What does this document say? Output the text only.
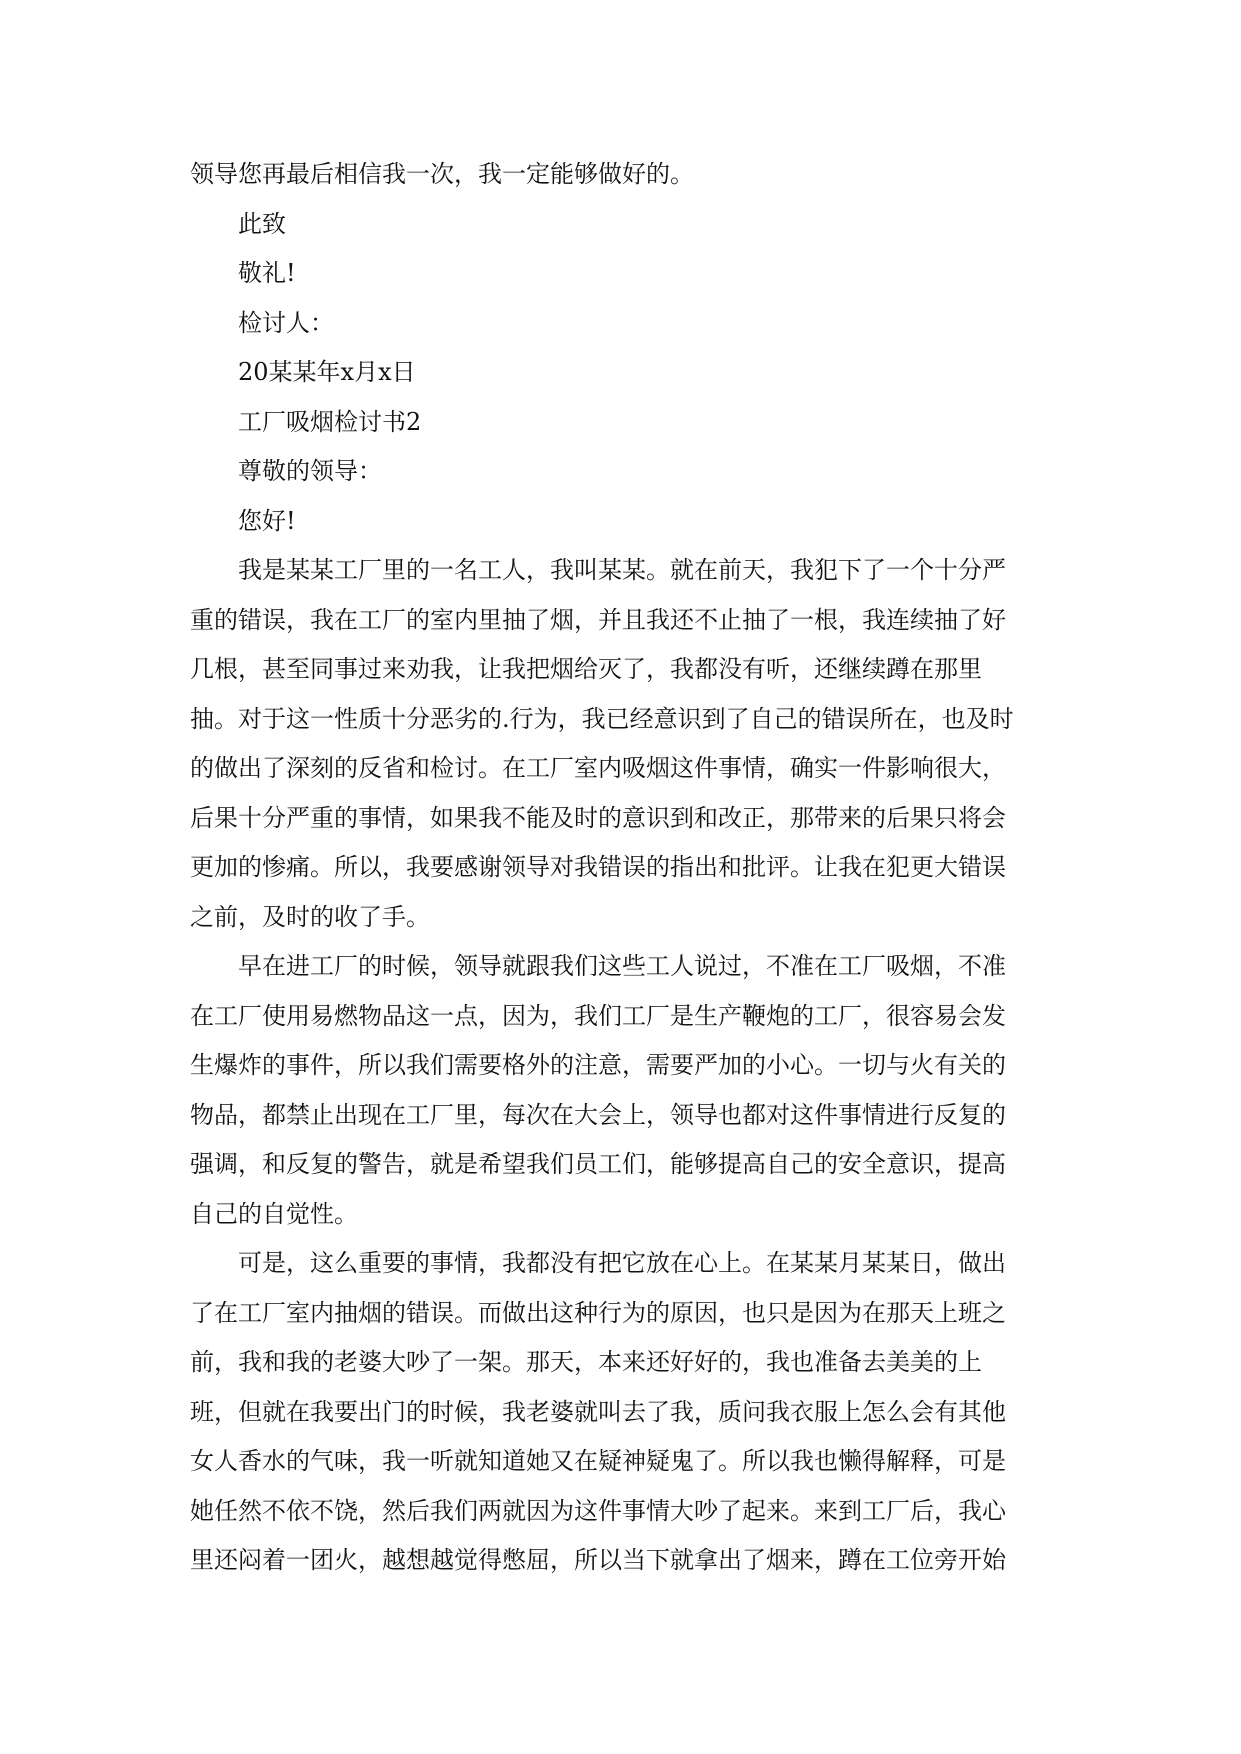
领导您再最后相信我一次，我一定能够做好的。
此致
敬礼!
检讨人：
20某某年x月x日
工厂吸烟检讨书2
尊敬的领导：
您好!
我是某某工厂里的一名工人，我叫某某。就在前天，我犯下了一个十分严
重的错误，我在工厂的室内里抽了烟，并且我还不止抽了一根，我连续抽了好
几根，甚至同事过来劝我，让我把烟给灭了，我都没有听，还继续蹲在那里
抽。对于这一性质十分恶劣的.行为，我已经意识到了自己的错误所在，也及时
的做出了深刻的反省和检讨。在工厂室内吸烟这件事情，确实一件影响很大，
后果十分严重的事情，如果我不能及时的意识到和改正，那带来的后果只将会
更加的惨痛。所以，我要感谢领导对我错误的指出和批评。让我在犯更大错误
之前，及时的收了手。
早在进工厂的时候，领导就跟我们这些工人说过，不准在工厂吸烟，不准
在工厂使用易燃物品这一点，因为，我们工厂是生产鞭炮的工厂，很容易会发
生爆炸的事件，所以我们需要格外的注意，需要严加的小心。一切与火有关的
物品，都禁止出现在工厂里，每次在大会上，领导也都对这件事情进行反复的
强调，和反复的警告，就是希望我们员工们，能够提高自己的安全意识，提高
自己的自觉性。
可是，这么重要的事情，我都没有把它放在心上。在某某月某某日，做出
了在工厂室内抽烟的错误。而做出这种行为的原因，也只是因为在那天上班之
前，我和我的老婆大吵了一架。那天，本来还好好的，我也准备去美美的上
班，但就在我要出门的时候，我老婆就叫去了我，质问我衣服上怎么会有其他
女人香水的气味，我一听就知道她又在疑神疑鬼了。所以我也懒得解释，可是
她任然不依不饶，然后我们两就因为这件事情大吵了起来。来到工厂后，我心
里还闷着一团火，越想越觉得憋屈，所以当下就拿出了烟来，蹲在工位旁开始
